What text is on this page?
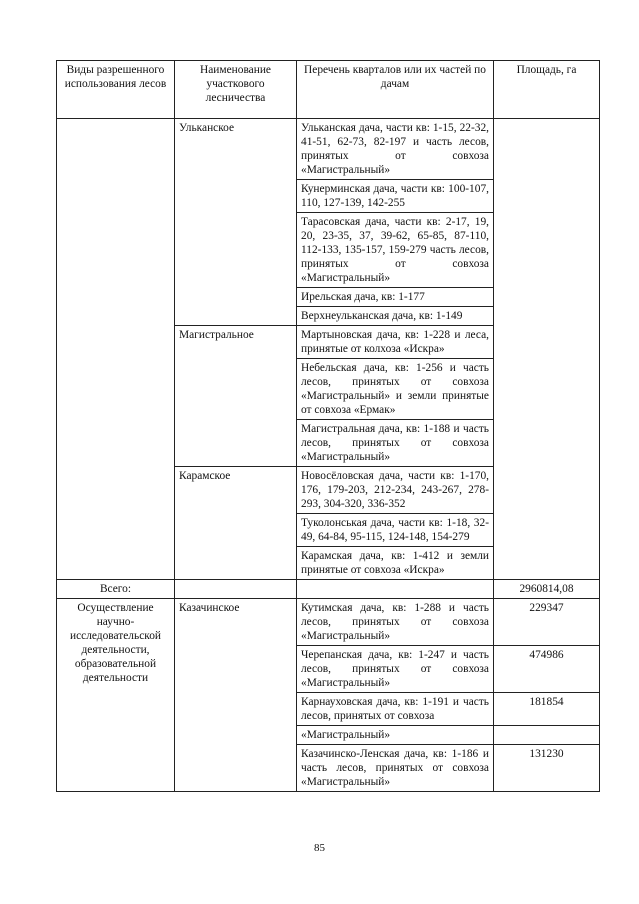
Виды разрешенного использования лесов	Наименование участкового лесничества	Перечень кварталов или их частей по дачам	Площадь, га
	Ульканское	Ульканская дача, части кв: 1-15, 22-32, 41-51, 62-73, 82-197 и часть лесов, принятых от совхоза «Магистральный»	
		Кунерминская дача, части кв: 100-107, 110, 127-139, 142-255	
		Тарасовская дача, части кв: 2-17, 19, 20, 23-35, 37, 39-62, 65-85, 87-110, 112-133, 135-157, 159-279 часть лесов, принятых от совхоза «Магистральный»	
		Ирельская дача, кв: 1-177	
		Верхнеульканская дача, кв: 1-149	
	Магистральное	Мартыновская дача, кв: 1-228 и леса, принятые от колхоза «Искра»	
		Небельская дача, кв: 1-256 и часть лесов, принятых от совхоза «Магистральный» и земли принятые от совхоза «Ермак»	
		Магистральная дача, кв: 1-188 и часть лесов, принятых от совхоза «Магистральный»	
	Карамское	Новосёловская дача, части кв: 1-170, 176, 179-203, 212-234, 243-267, 278-293, 304-320, 336-352	
		Туколонськая дача, части кв: 1-18, 32-49, 64-84, 95-115, 124-148, 154-279	
		Карамская дача, кв: 1-412 и земли принятые от совхоза «Искра»	
Всего:			2960814,08
Осуществление научно-исследовательской деятельности, образовательной деятельности	Казачинское	Кутимская дача, кв: 1-288 и часть лесов, принятых от совхоза «Магистральный»	229347
		Черепанская дача, кв: 1-247 и часть лесов, принятых от совхоза «Магистральный»	474986
		Карнауховская дача, кв: 1-191 и часть лесов, принятых от совхоза	181854
		«Магистральный»	
		Казачинско-Ленская дача, кв: 1-186 и часть лесов, принятых от совхоза «Магистральный»	131230
85
